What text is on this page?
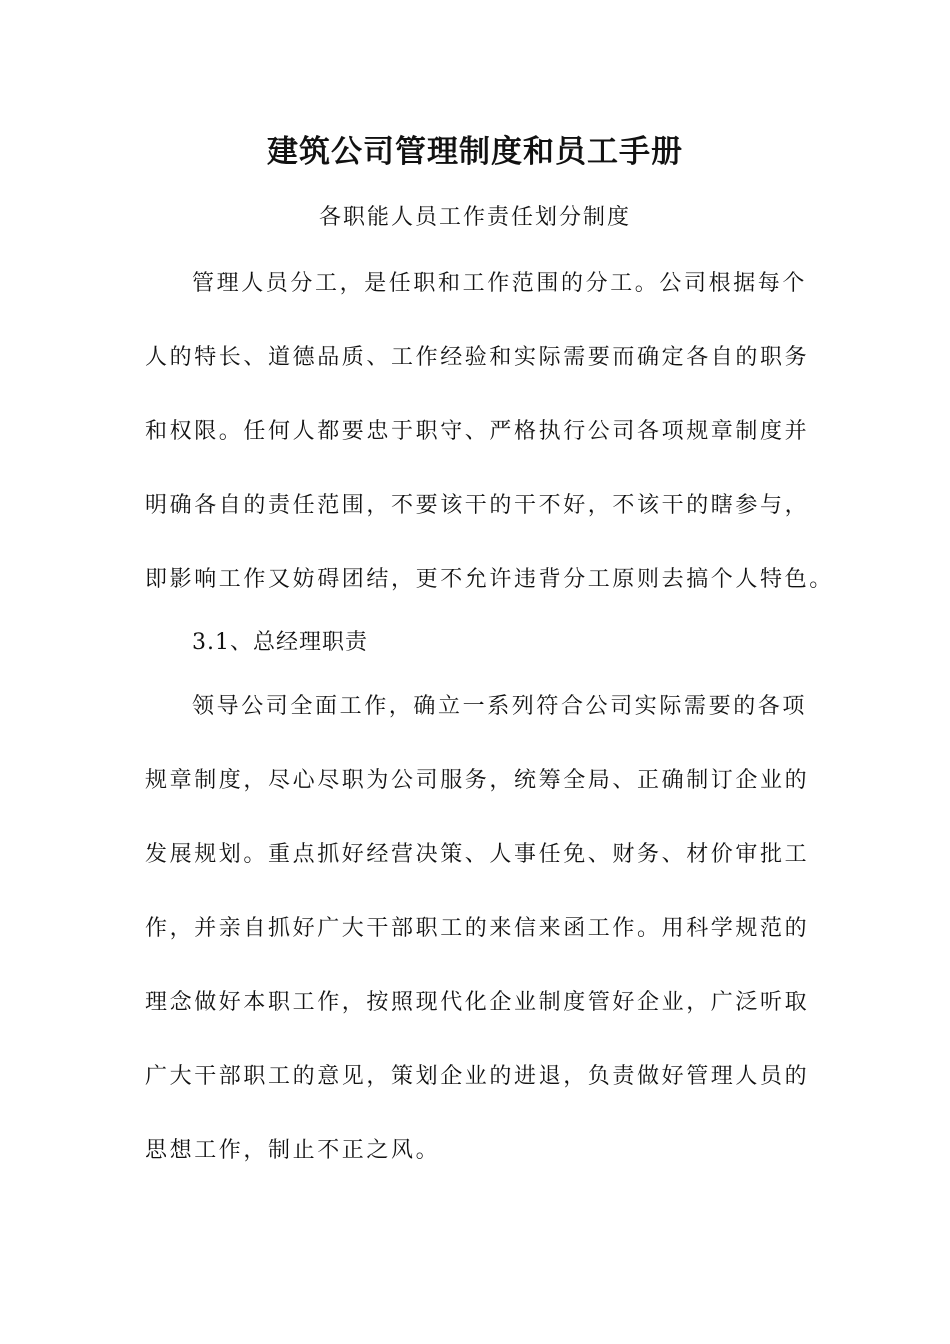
建筑公司管理制度和员工手册
各职能人员工作责任划分制度
管理人员分工，是任职和工作范围的分工。公司根据每个
人的特长、道德品质、工作经验和实际需要而确定各自的职务
和权限。任何人都要忠于职守、严格执行公司各项规章制度并
明确各自的责任范围，不要该干的干不好，不该干的瞎参与，
即影响工作又妨碍团结，更不允许违背分工原则去搞个人特色。
3.1、总经理职责
领导公司全面工作，确立一系列符合公司实际需要的各项
规章制度，尽心尽职为公司服务，统筹全局、正确制订企业的
发展规划。重点抓好经营决策、人事任免、财务、材价审批工
作，并亲自抓好广大干部职工的来信来函工作。用科学规范的
理念做好本职工作，按照现代化企业制度管好企业，广泛听取
广大干部职工的意见，策划企业的进退，负责做好管理人员的
思想工作，制止不正之风。
